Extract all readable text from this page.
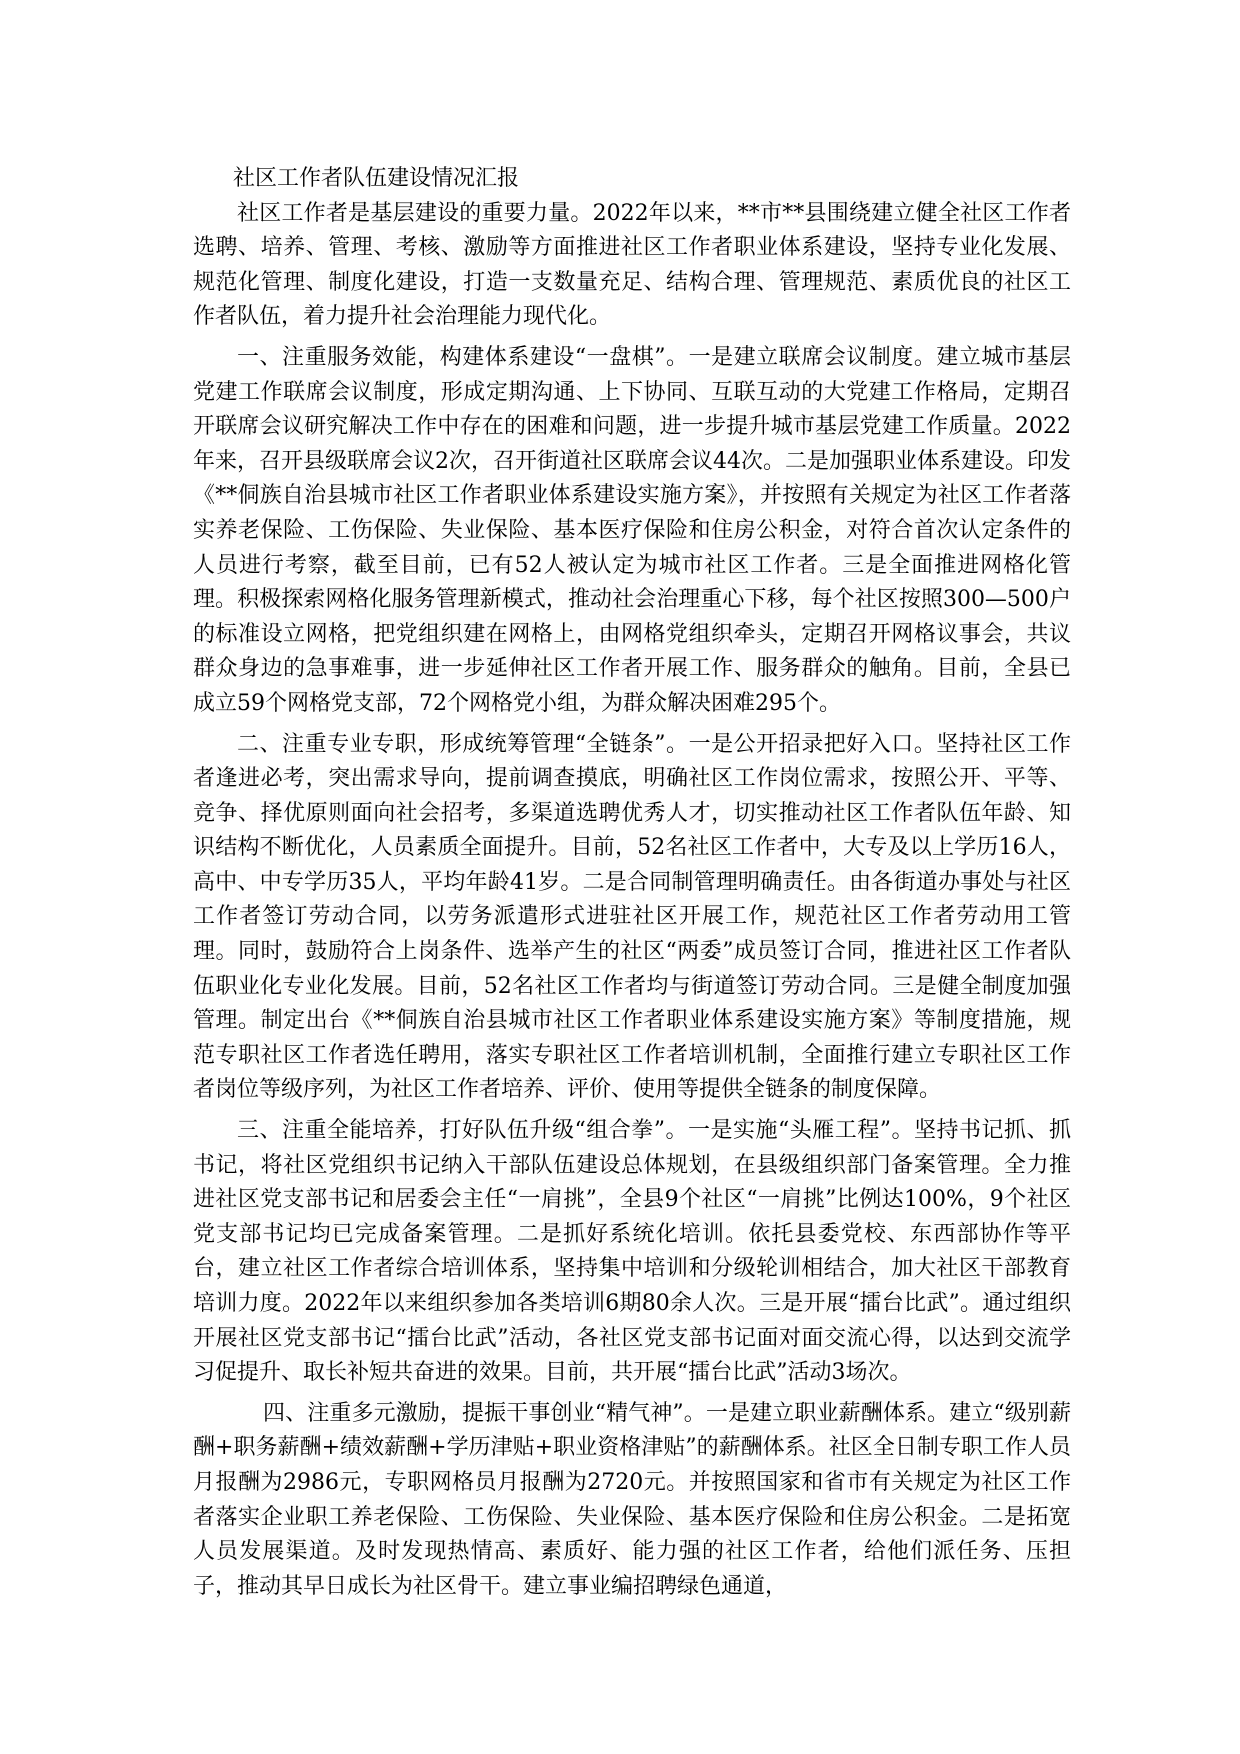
社区工作者队伍建设情况汇报

社区工作者是基层建设的重要力量。2022年以来，**市**县围绕建立健全社区工作者选聘、培养、管理、考核、激励等方面推进社区工作者职业体系建设，坚持专业化发展、规范化管理、制度化建设，打造一支数量充足、结构合理、管理规范、素质优良的社区工作者队伍，着力提升社会治理能力现代化。

一、注重服务效能，构建体系建设“一盘棋”。一是建立联席会议制度。建立城市基层党建工作联席会议制度，形成定期沟通、上下协同、互联互动的大党建工作格局，定期召开联席会议研究解决工作中存在的困难和问题，进一步提升城市基层党建工作质量。2022年来，召开县级联席会议2次，召开街道社区联席会议44次。二是加强职业体系建设。印发《**侗族自治县城市社区工作者职业体系建设实施方案》，并按照有关规定为社区工作者落实养老保险、工伤保险、失业保险、基本医疗保险和住房公积金，对符合首次认定条件的人员进行考察，截至目前，已有52人被认定为城市社区工作者。三是全面推进网格化管理。积极探索网格化服务管理新模式，推动社会治理重心下移，每个社区按照300—500户的标准设立网格，把党组织建在网格上，由网格党组织牵头，定期召开网格议事会，共议群众身边的急事难事，进一步延伸社区工作者开展工作、服务群众的触角。目前，全县已成立59个网格党支部，72个网格党小组，为群众解决困难295个。

二、注重专业专职，形成统筹管理“全链条”。一是公开招录把好入口。坚持社区工作者逢进必考，突出需求导向，提前调查摸底，明确社区工作岗位需求，按照公开、平等、竞争、择优原则面向社会招考，多渠道选聘优秀人才，切实推动社区工作者队伍年龄、知识结构不断优化，人员素质全面提升。目前，52名社区工作者中，大专及以上学历16人，高中、中专学历35人，平均年龄41岁。二是合同制管理明确责任。由各街道办事处与社区工作者签订劳动合同，以劳务派遣形式进驻社区开展工作，规范社区工作者劳动用工管理。同时，鼓励符合上岗条件、选举产生的社区“两委”成员签订合同，推进社区工作者队伍职业化专业化发展。目前，52名社区工作者均与街道签订劳动合同。三是健全制度加强管理。制定出台《**侗族自治县城市社区工作者职业体系建设实施方案》等制度措施，规范专职社区工作者选任聘用，落实专职社区工作者培训机制，全面推行建立专职社区工作者岗位等级序列，为社区工作者培养、评价、使用等提供全链条的制度保障。

三、注重全能培养，打好队伍升级“组合拳”。一是实施“头雁工程”。坚持书记抓、抓书记，将社区党组织书记纳入干部队伍建设总体规划，在县级组织部门备案管理。全力推进社区党支部书记和居委会主任“一肩挑”，全县9个社区“一肩挑”比例达100%，9个社区党支部书记均已完成备案管理。二是抓好系统化培训。依托县委党校、东西部协作等平台，建立社区工作者综合培训体系，坚持集中培训和分级轮训相结合，加大社区干部教育培训力度。2022年以来组织参加各类培训6期80余人次。三是开展“擂台比武”。通过组织开展社区党支部书记“擂台比武”活动，各社区党支部书记面对面交流心得，以达到交流学习促提升、取长补短共奋进的效果。目前，共开展“擂台比武”活动3场次。

四、注重多元激励，提振干事创业“精气神”。一是建立职业薪酬体系。建立“级别薪酬+职务薪酬+绩效薪酬+学历津贴+职业资格津贴”的薪酬体系。社区全日制专职工作人员月报酬为2986元，专职网格员月报酬为2720元。并按照国家和省市有关规定为社区工作者落实企业职工养老保险、工伤保险、失业保险、基本医疗保险和住房公积金。二是拓宽人员发展渠道。及时发现热情高、素质好、能力强的社区工作者，给他们派任务、压担子，推动其早日成长为社区骨干。建立事业编招聘绿色通道，
